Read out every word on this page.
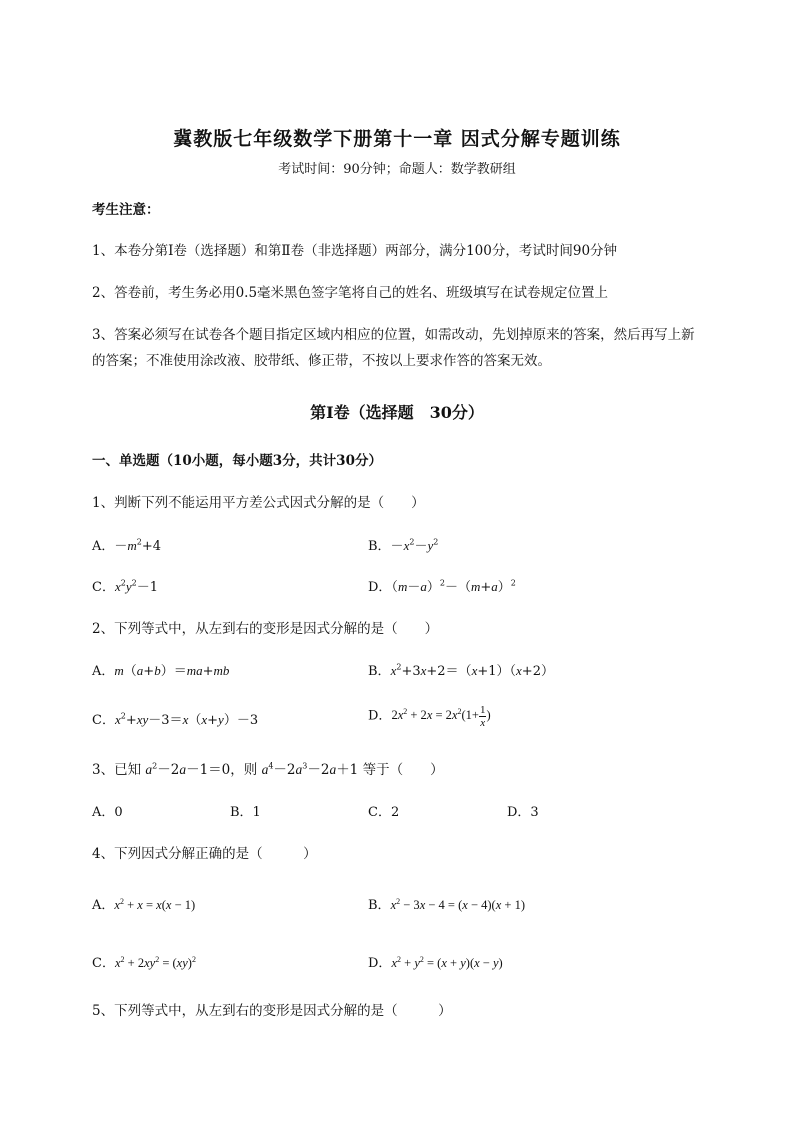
冀教版七年级数学下册第十一章 因式分解专题训练
考试时间：90分钟；命题人：数学教研组
考生注意：
1、本卷分第I卷（选择题）和第Ⅱ卷（非选择题）两部分，满分100分，考试时间90分钟
2、答卷前，考生务必用0.5毫米黑色签字笔将自己的姓名、班级填写在试卷规定位置上
3、答案必须写在试卷各个题目指定区域内相应的位置，如需改动，先划掉原来的答案，然后再写上新
的答案；不准使用涂改液、胶带纸、修正带，不按以上要求作答的答案无效。
第I卷（选择题　30分）
一、单选题（10小题，每小题3分，共计30分）
1、判断下列不能运用平方差公式因式分解的是（　　）
A．$-m^2+4$	B．$-x^2-y^2$
C．$x^2y^2-1$	D．$(m-a)^2-(m+a)^2$
2、下列等式中，从左到右的变形是因式分解的是（　　）
A．m（a+b）＝ma+mb	B．$x^2+3x+2=(x+1)(x+2)$
C．$x^2+xy-3=x(x+y)-3$	D．$2x^2 + 2x = 2x^2(1+ \frac{1}{x}$ )
3、已知 $a^2-2a-1=0$，则 $a^4-2a^3-2a+1$ 等于（　　）
A．0	B．1	C．2	D．3
4、下列因式分解正确的是（　　　）
A．$x^2 + x = x(x - 1)$	B．$x^2 - 3x - 4 = (x - 4)(x + 1)$
C．$x^2 + 2xy^2 = (xy)^2$	D．$x^2 + y^2 = (x + y)(x - y)$
5、下列等式中，从左到右的变形是因式分解的是（　　　）
